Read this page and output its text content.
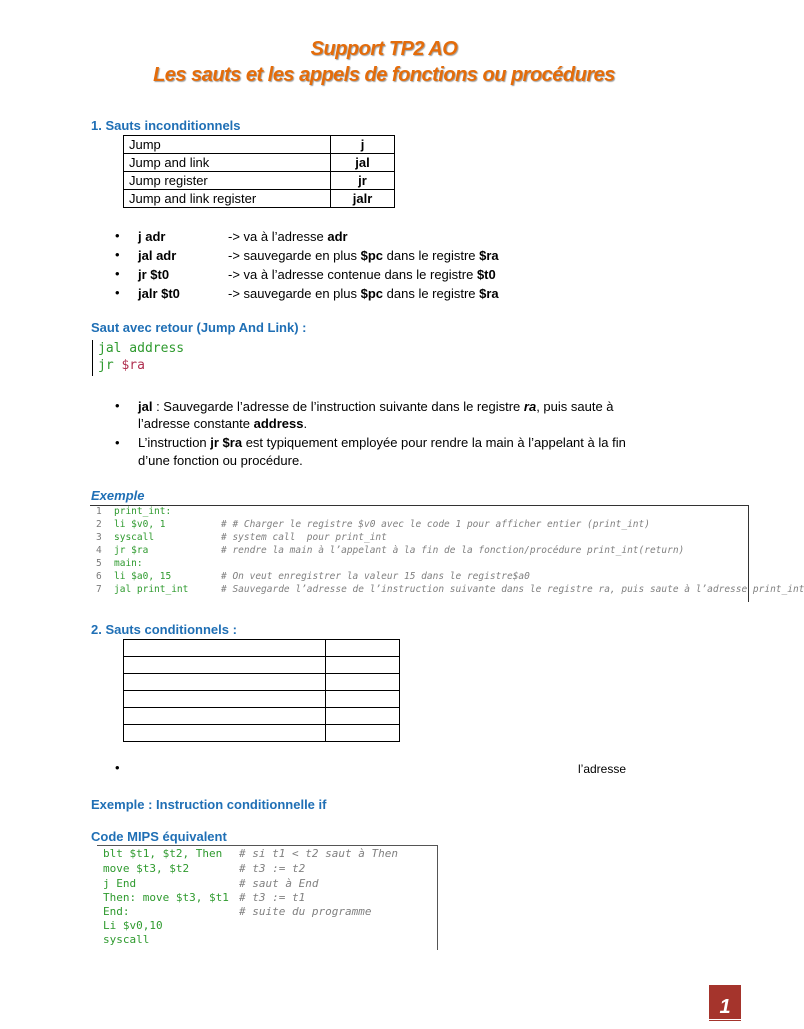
Support TP2 AO
Les sauts et les appels de fonctions ou procédures
1. Sauts inconditionnels
Jump	j
Jump and link	jal
Jump register	jr
Jump and link register	jalr
• j adr	-> va à l’adresse adr
• jal adr	-> sauvegarde en plus $pc dans le registre $ra
• jr $t0	-> va à l’adresse contenue dans le registre $t0
• jalr $t0	-> sauvegarde en plus $pc dans le registre $ra
Saut avec retour (Jump And Link) :
jal address
jr $ra
• jal : Sauvegarde l’adresse de l’instruction suivante dans le registre ra, puis saute à
l’adresse constante address.
• L’instruction jr $ra est typiquement employée pour rendre la main à l’appelant à la fin
d’une fonction ou procédure.
Exemple
1 print_int:
2 li $v0, 1	# # Charger le registre $v0 avec le code 1 pour afficher entier (print_int)
3 syscall	# system call  pour print_int
4 jr $ra	# rendre la main à l’appelant à la fin de la fonction/procédure print_int(return)
5 main:
6 li $a0, 15	# On veut enregistrer la valeur 15 dans le registre$a0
7 jal print_int	# Sauvegarde l’adresse de l’instruction suivante dans le registre ra, puis saute à l’adresse print_int
2. Sauts conditionnels :

•	l’adresse
Exemple : Instruction conditionnelle if
Code MIPS équivalent
blt $t1, $t2, Then # si t1 < t2 saut à Then
move $t3, $t2	# t3 := t2
j End	# saut à End
Then: move $t3, $t1 # t3 := t1
End:	# suite du programme
Li $v0,10
syscall
1
